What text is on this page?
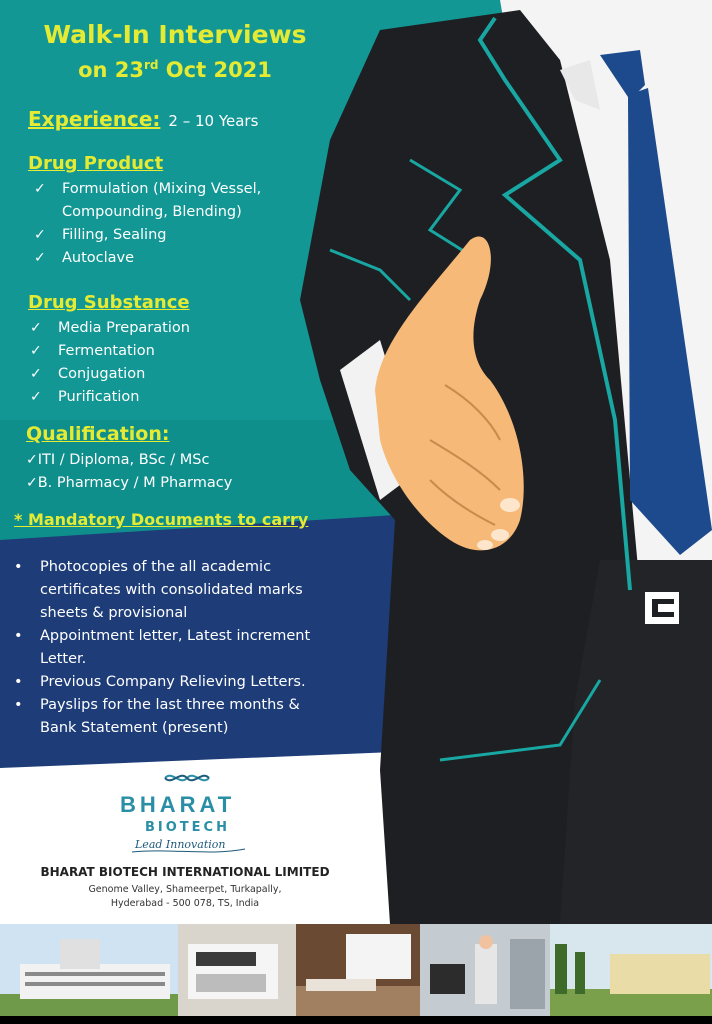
Walk-In Interviews
on 23rd Oct 2021
Experience: 2 – 10 Years
Drug Product
✓ Formulation (Mixing Vessel,
Compounding, Blending)
✓ Filling, Sealing
✓ Autoclave
Drug Substance
✓ Media Preparation
✓ Fermentation
✓ Conjugation
✓ Purification
Qualification:
✓ITI / Diploma, BSc / MSc
✓B. Pharmacy / M Pharmacy
* Mandatory Documents to carry
• Photocopies of the all academic certificates with consolidated marks sheets & provisional
• Appointment letter, Latest increment Letter.
• Previous Company Relieving Letters.
• Payslips for the last three months & Bank Statement (present)
BHARAT
BIOTECH
Lead Innovation
BHARAT BIOTECH INTERNATIONAL LIMITED
Genome Valley, Shameerpet, Turkapally,
Hyderabad - 500 078, TS, India
